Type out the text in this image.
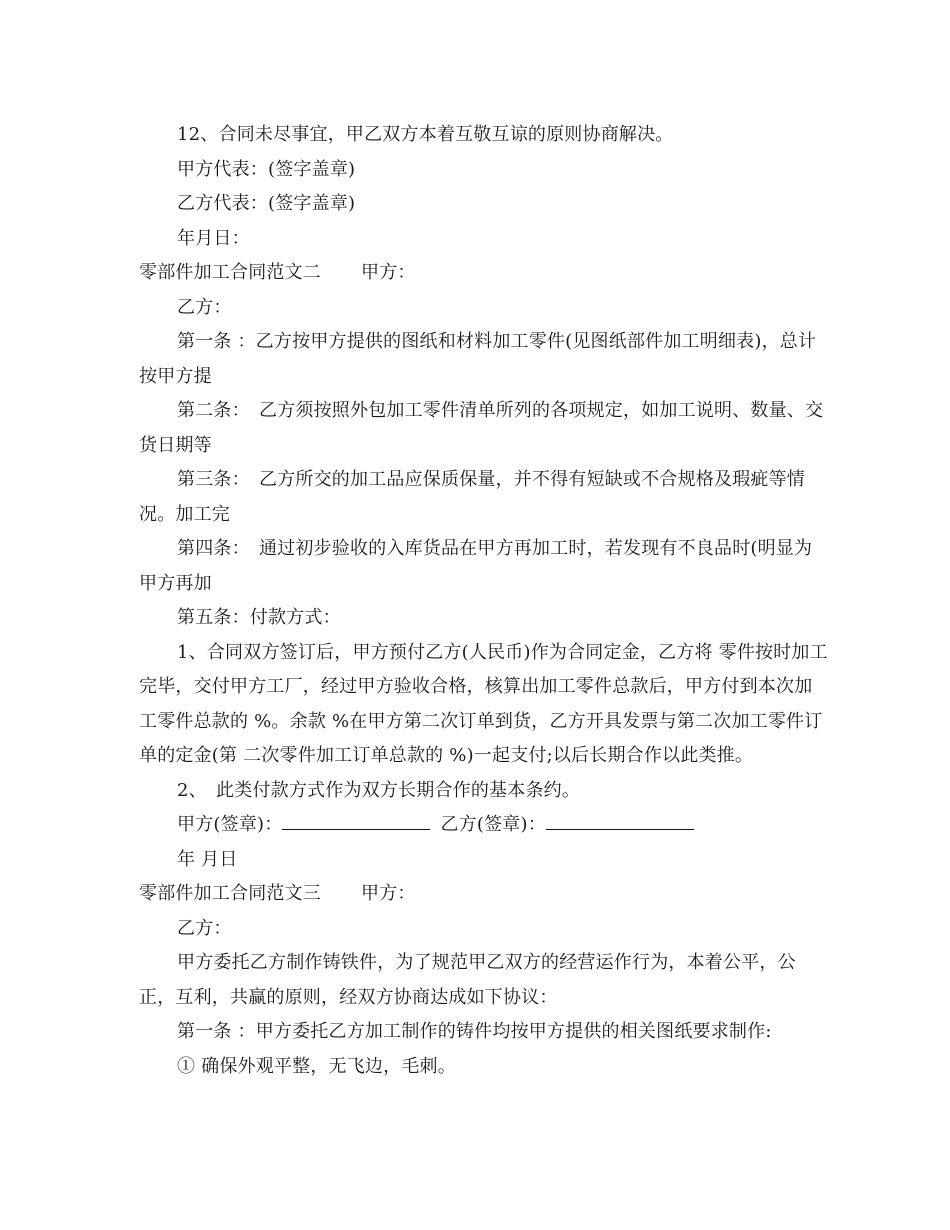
12、合同未尽事宜，甲乙双方本着互敬互谅的原则协商解决。

甲方代表：(签字盖章)

乙方代表：(签字盖章)

年月日：

零部件加工合同范文二 甲方：

乙方：

第一条 ：乙方按甲方提供的图纸和材料加工零件(见图纸部件加工明细表)，总计按甲方提

第二条：　乙方须按照外包加工零件清单所列的各项规定，如加工说明、数量、交货日期等

第三条：　乙方所交的加工品应保质保量，并不得有短缺或不合规格及瑕疵等情况。加工完

第四条：　通过初步验收的入库货品在甲方再加工时，若发现有不良品时(明显为甲方再加

第五条：付款方式：

1、合同双方签订后，甲方预付乙方(人民币)作为合同定金，乙方将 零件按时加工完毕，交付甲方工厂，经过甲方验收合格，核算出加工零件总款后，甲方付到本次加工零件总款的 %。余款 %在甲方第二次订单到货，乙方开具发票与第二次加工零件订单的定金(第 二次零件加工订单总款的 %)一起支付;以后长期合作以此类推。

2、　此类付款方式作为双方长期合作的基本条约。

甲方(签章)：	乙方(签章)：

年 月日

零部件加工合同范文三 甲方：

乙方：

甲方委托乙方制作铸铁件，为了规范甲乙双方的经营运作行为，本着公平，公正，互利，共赢的原则，经双方协商达成如下协议：

第一条 ：甲方委托乙方加工制作的铸件均按甲方提供的相关图纸要求制作:

① 确保外观平整，无飞边，毛刺。
